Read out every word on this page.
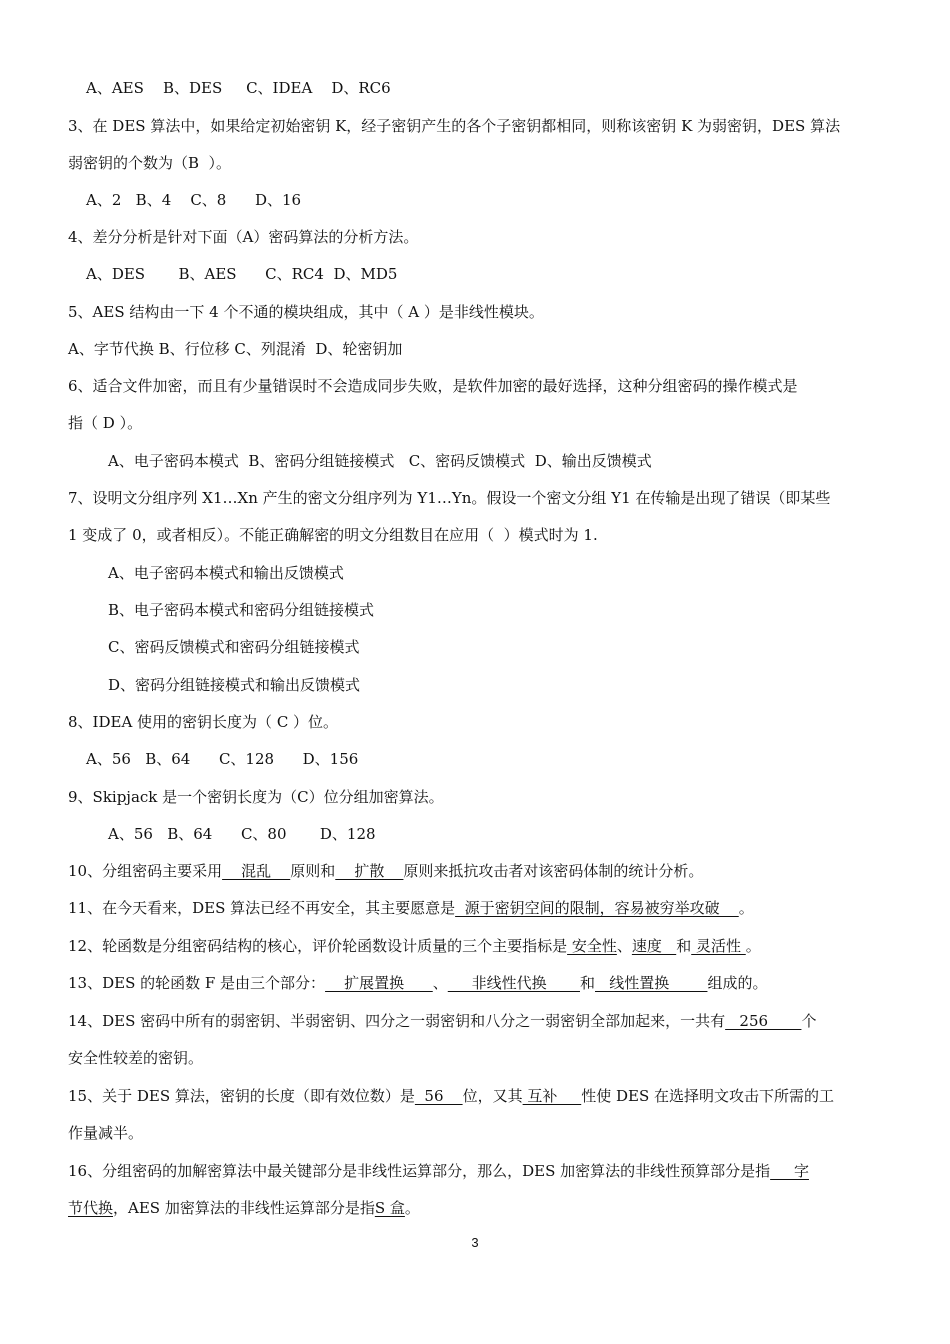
A、AES    B、DES     C、IDEA    D、RC6
3、在 DES 算法中，如果给定初始密钥 K，经子密钥产生的各个子密钥都相同，则称该密钥 K 为弱密钥，DES 算法
弱密钥的个数为（B  ）。
A、2   B、4    C、8      D、16
4、差分分析是针对下面（A）密码算法的分析方法。
A、DES       B、AES      C、RC4  D、MD5
5、AES 结构由一下 4 个不通的模块组成，其中（ A ）是非线性模块。
A、字节代换 B、行位移 C、列混淆  D、轮密钥加
6、适合文件加密，而且有少量错误时不会造成同步失败，是软件加密的最好选择，这种分组密码的操作模式是
指（ D ）。
A、电子密码本模式  B、密码分组链接模式   C、密码反馈模式  D、输出反馈模式
7、设明文分组序列 X1…Xn 产生的密文分组序列为 Y1…Yn。假设一个密文分组 Y1 在传输是出现了错误（即某些
1 变成了 0，或者相反）。不能正确解密的明文分组数目在应用（  ）模式时为 1.
A、电子密码本模式和输出反馈模式
B、电子密码本模式和密码分组链接模式
C、密码反馈模式和密码分组链接模式
D、密码分组链接模式和输出反馈模式
8、IDEA 使用的密钥长度为（ C ）位。
A、56   B、64      C、128      D、156
9、Skipjack 是一个密钥长度为（C）位分组加密算法。
A、56   B、64      C、80       D、128
10、分组密码主要采用    混乱    原则和    扩散    原则来抵抗攻击者对该密码体制的统计分析。
11、在今天看来，DES 算法已经不再安全，其主要愿意是  源于密钥空间的限制，容易被穷举攻破    。
12、轮函数是分组密码结构的核心，评价轮函数设计质量的三个主要指标是 安全性、速度   和 灵活性 。
13、DES 的轮函数 F 是由三个部分：    扩展置换      、     非线性代换       和   线性置换        组成的。
14、DES 密码中所有的弱密钥、半弱密钥、四分之一弱密钥和八分之一弱密钥全部加起来，一共有   256       个
安全性较差的密钥。
15、关于 DES 算法，密钥的长度（即有效位数）是  56    位，又其 互补     性使 DES 在选择明文攻击下所需的工
作量减半。
16、分组密码的加解密算法中最关键部分是非线性运算部分，那么，DES 加密算法的非线性预算部分是指     字
节代换，AES 加密算法的非线性运算部分是指S 盒。
3
